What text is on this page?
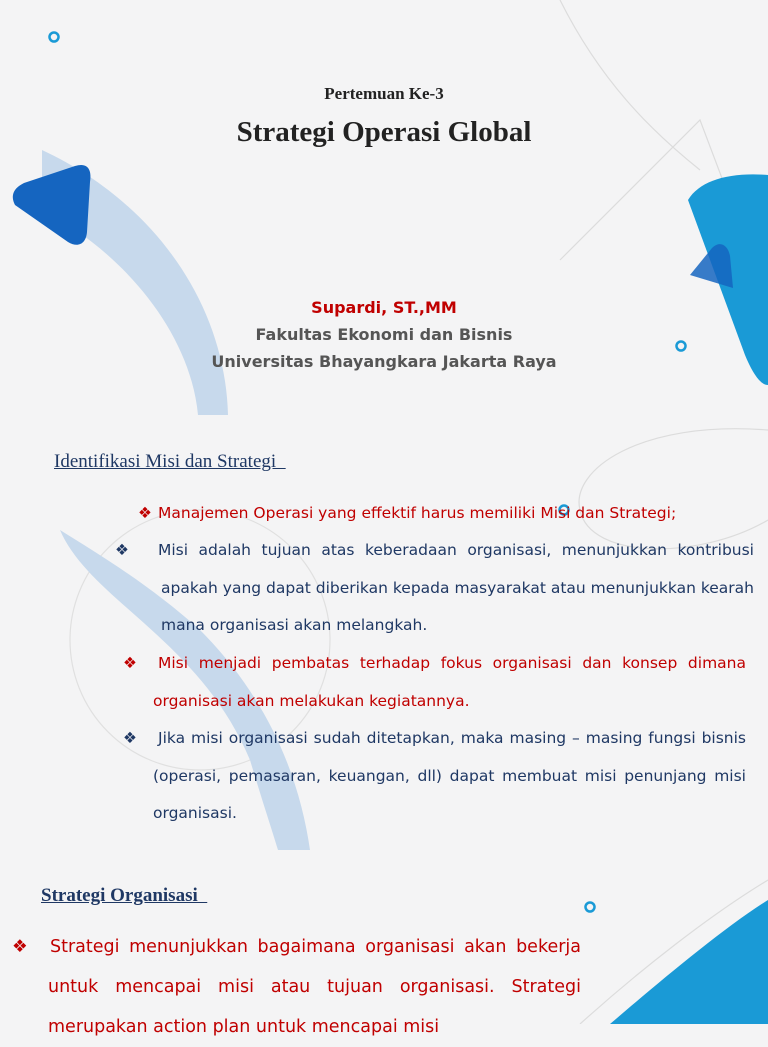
Pertemuan Ke-3
Strategi Operasi Global
Supardi, ST.,MM
Fakultas Ekonomi dan Bisnis
Universitas Bhayangkara Jakarta Raya
Identifikasi Misi dan Strategi
❖ Manajemen Operasi yang effektif harus memiliki Misi dan Strategi;
❖ Misi adalah tujuan atas keberadaan organisasi, menunjukkan kontribusi apakah yang dapat diberikan kepada masyarakat atau menunjukkan kearah mana organisasi akan melangkah.
❖ Misi menjadi pembatas terhadap fokus organisasi dan konsep dimana organisasi akan melakukan kegiatannya.
❖ Jika misi organisasi sudah ditetapkan, maka masing – masing fungsi bisnis (operasi, pemasaran, keuangan, dll) dapat membuat misi penunjang misi organisasi.
Strategi Organisasi
❖ Strategi menunjukkan bagaimana organisasi akan bekerja untuk mencapai misi atau tujuan organisasi. Strategi merupakan action plan untuk mencapai misi
